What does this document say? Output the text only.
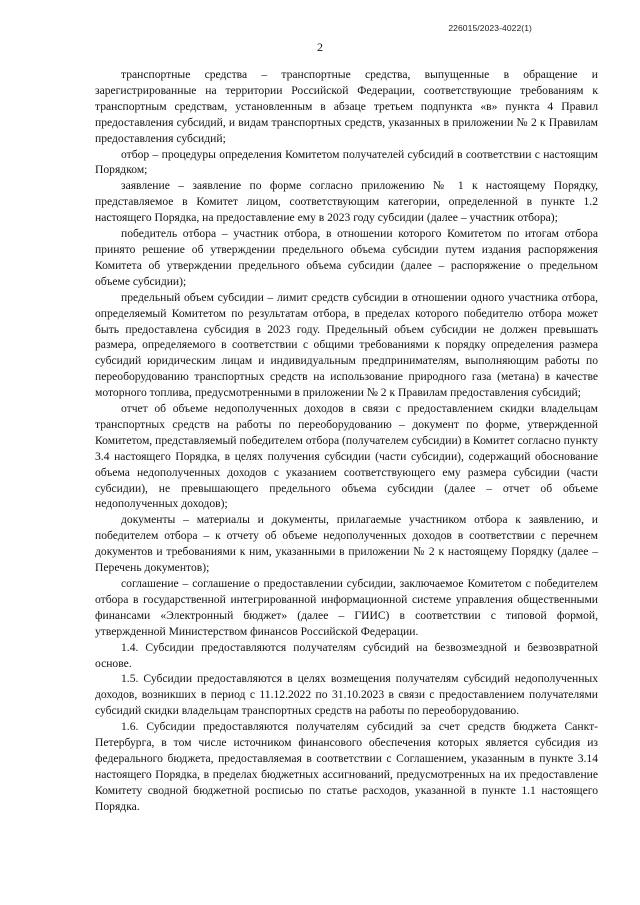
226015/2023-4022(1)
2

транспортные средства – транспортные средства, выпущенные в обращение и зарегистрированные на территории Российской Федерации, соответствующие требованиям к транспортным средствам, установленным в абзаце третьем подпункта «в» пункта 4 Правил предоставления субсидий, и видам транспортных средств, указанных в приложении № 2 к Правилам предоставления субсидий;

отбор – процедуры определения Комитетом получателей субсидий в соответствии с настоящим Порядком;

заявление – заявление по форме согласно приложению № 1 к настоящему Порядку, представляемое в Комитет лицом, соответствующим категории, определенной в пункте 1.2 настоящего Порядка, на предоставление ему в 2023 году субсидии (далее – участник отбора);

победитель отбора – участник отбора, в отношении которого Комитетом по итогам отбора принято решение об утверждении предельного объема субсидии путем издания распоряжения Комитета об утверждении предельного объема субсидии (далее – распоряжение о предельном объеме субсидии);

предельный объем субсидии – лимит средств субсидии в отношении одного участника отбора, определяемый Комитетом по результатам отбора, в пределах которого победителю отбора может быть предоставлена субсидия в 2023 году. Предельный объем субсидии не должен превышать размера, определяемого в соответствии с общими требованиями к порядку определения размера субсидий юридическим лицам и индивидуальным предпринимателям, выполняющим работы по переоборудованию транспортных средств на использование природного газа (метана) в качестве моторного топлива, предусмотренными в приложении № 2 к Правилам предоставления субсидий;

отчет об объеме недополученных доходов в связи с предоставлением скидки владельцам транспортных средств на работы по переоборудованию – документ по форме, утвержденной Комитетом, представляемый победителем отбора (получателем субсидии) в Комитет согласно пункту 3.4 настоящего Порядка, в целях получения субсидии (части субсидии), содержащий обоснование объема недополученных доходов с указанием соответствующего ему размера субсидии (части субсидии), не превышающего предельного объема субсидии (далее – отчет об объеме недополученных доходов);

документы – материалы и документы, прилагаемые участником отбора к заявлению, и победителем отбора – к отчету об объеме недополученных доходов в соответствии с перечнем документов и требованиями к ним, указанными в приложении № 2 к настоящему Порядку (далее – Перечень документов);

соглашение – соглашение о предоставлении субсидии, заключаемое Комитетом с победителем отбора в государственной интегрированной информационной системе управления общественными финансами «Электронный бюджет» (далее – ГИИС) в соответствии с типовой формой, утвержденной Министерством финансов Российской Федерации.

1.4. Субсидии предоставляются получателям субсидий на безвозмездной и безвозвратной основе.

1.5. Субсидии предоставляются в целях возмещения получателям субсидий недополученных доходов, возникших в период с 11.12.2022 по 31.10.2023 в связи с предоставлением получателями субсидий скидки владельцам транспортных средств на работы по переоборудованию.

1.6. Субсидии предоставляются получателям субсидий за счет средств бюджета Санкт-Петербурга, в том числе источником финансового обеспечения которых является субсидия из федерального бюджета, предоставляемая в соответствии с Соглашением, указанным в пункте 3.14 настоящего Порядка, в пределах бюджетных ассигнований, предусмотренных на их предоставление Комитету сводной бюджетной росписью по статье расходов, указанной в пункте 1.1 настоящего Порядка.
